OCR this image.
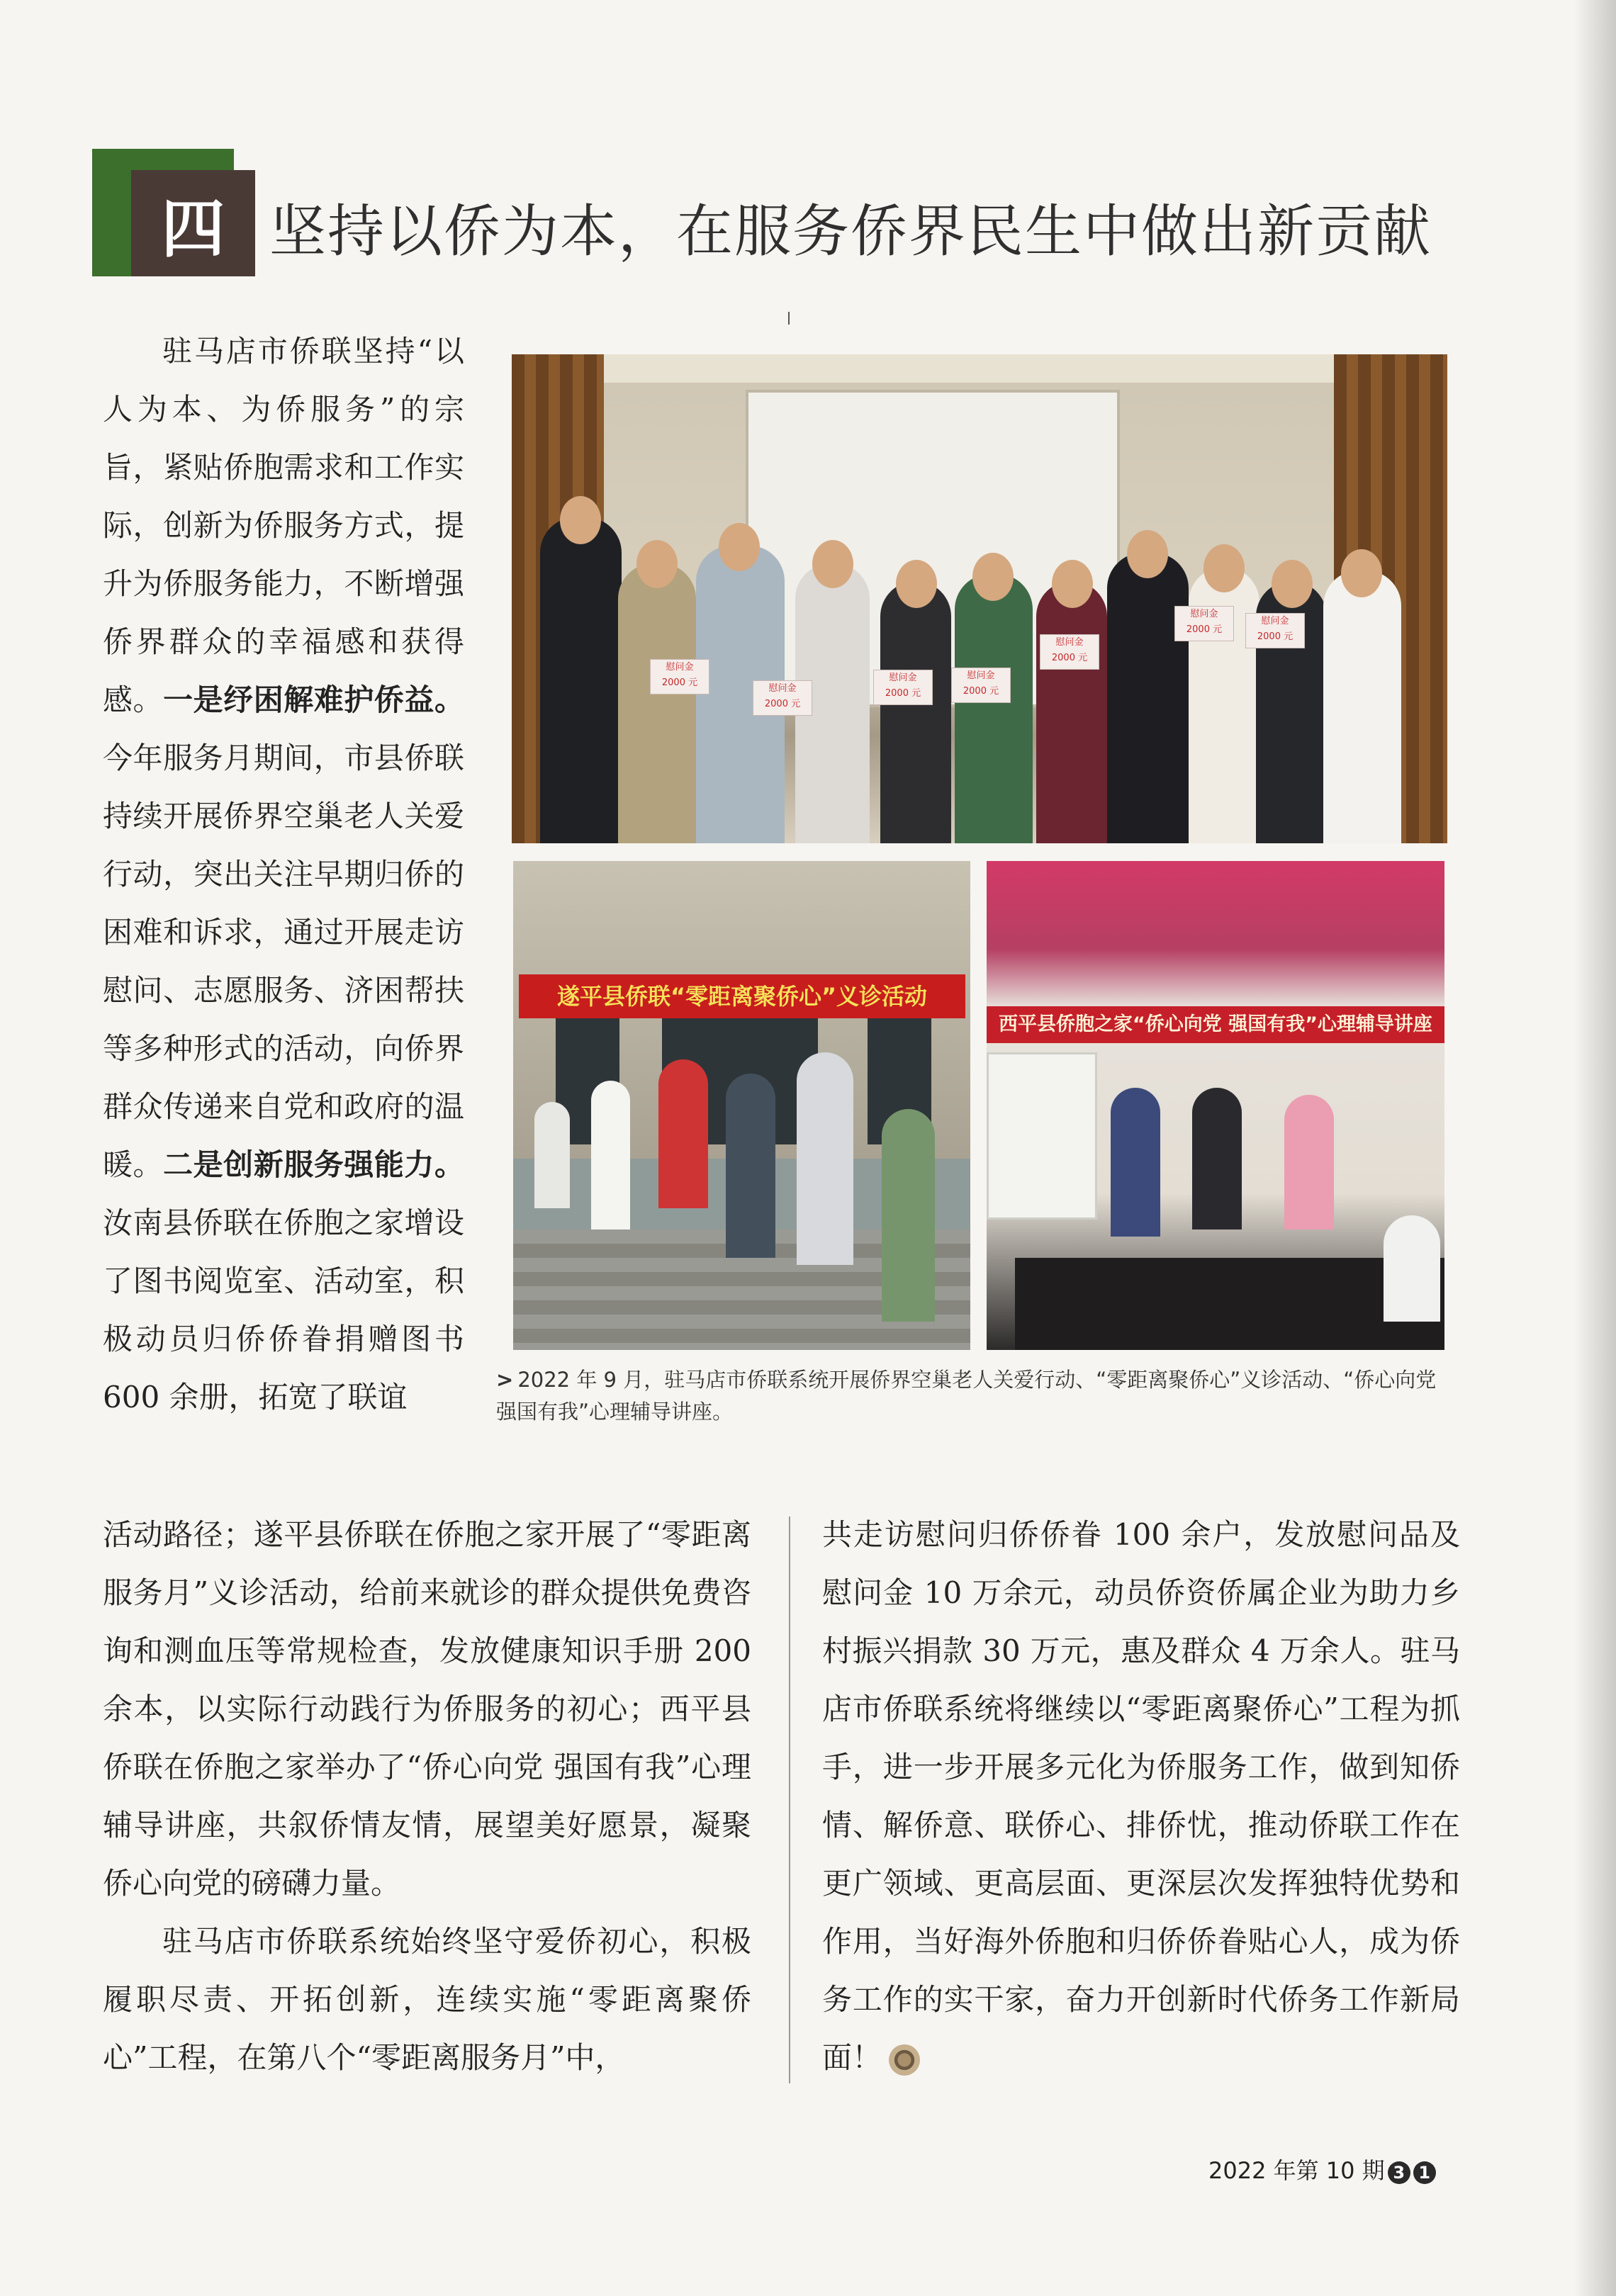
四 坚持以侨为本，在服务侨界民生中做出新贡献

驻马店市侨联坚持“以人为本、为侨服务”的宗旨，紧贴侨胞需求和工作实际，创新为侨服务方式，提升为侨服务能力，不断增强侨界群众的幸福感和获得感。一是纾困解难护侨益。今年服务月期间，市县侨联持续开展侨界空巢老人关爱行动，突出关注早期归侨的困难和诉求，通过开展走访慰问、志愿服务、济困帮扶等多种形式的活动，向侨界群众传递来自党和政府的温暖。二是创新服务强能力。汝南县侨联在侨胞之家增设了图书阅览室、活动室，积极动员归侨侨眷捐赠图书 600 余册，拓宽了联谊

慰问金
2000 元
慰问金
2000 元
慰问金
2000 元
慰问金
2000 元
慰问金
2000 元
慰问金
2000 元
慰问金
2000 元
遂平县侨联“零距离聚侨心”义诊活动
西平县侨胞之家“侨心向党 强国有我”心理辅导讲座
> 2022 年 9 月，驻马店市侨联系统开展侨界空巢老人关爱行动、“零距离聚侨心”义诊活动、“侨心向党 强国有我”心理辅导讲座。

活动路径；遂平县侨联在侨胞之家开展了“零距离服务月”义诊活动，给前来就诊的群众提供免费咨询和测血压等常规检查，发放健康知识手册 200 余本，以实际行动践行为侨服务的初心；西平县侨联在侨胞之家举办了“侨心向党 强国有我”心理辅导讲座，共叙侨情友情，展望美好愿景，凝聚侨心向党的磅礴力量。

驻马店市侨联系统始终坚守爱侨初心，积极履职尽责、开拓创新，连续实施“零距离聚侨心”工程，在第八个“零距离服务月”中，

共走访慰问归侨侨眷 100 余户，发放慰问品及慰问金 10 万余元，动员侨资侨属企业为助力乡村振兴捐款 30 万元，惠及群众 4 万余人。驻马店市侨联系统将继续以“零距离聚侨心”工程为抓手，进一步开展多元化为侨服务工作，做到知侨情、解侨意、联侨心、排侨忧，推动侨联工作在更广领域、更高层面、更深层次发挥独特优势和作用，当好海外侨胞和归侨侨眷贴心人，成为侨务工作的实干家，奋力开创新时代侨务工作新局面！

2022 年第 10 期 3 1
